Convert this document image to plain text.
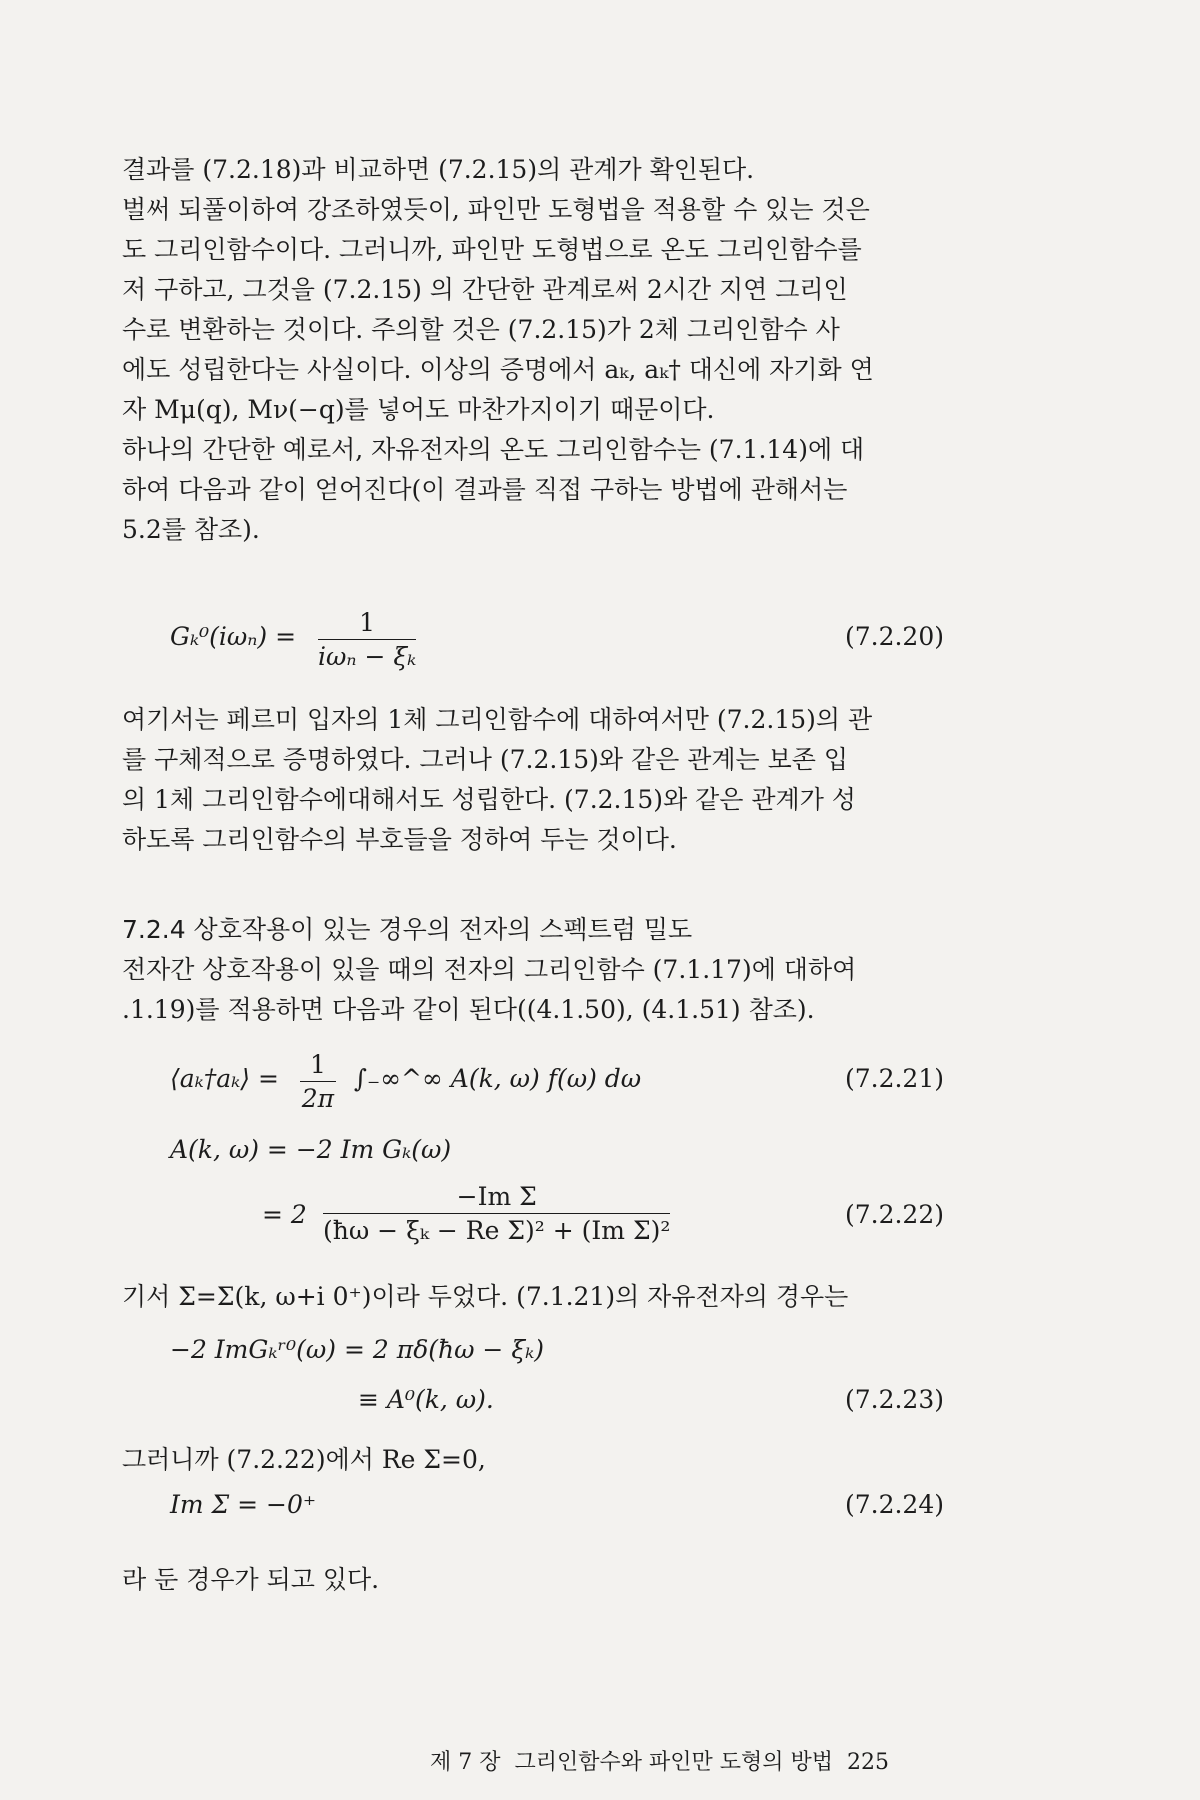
결과를 (7.2.18)과 비교하면 (7.2.15)의 관계가 확인된다.
벌써 되풀이하여 강조하였듯이, 파인만 도형법을 적용할 수 있는 것은
도 그리인함수이다. 그러니까, 파인만 도형법으로 온도 그리인함수를
저 구하고, 그것을 (7.2.15) 의 간단한 관계로써 2시간 지연 그리인
수로 변환하는 것이다. 주의할 것은 (7.2.15)가 2체 그리인함수 사
에도 성립한다는 사실이다. 이상의 증명에서 aₖ, aₖ† 대신에 자기화 연
자 Mμ(q), Mν(−q)를 넣어도 마찬가지이기 때문이다.
하나의 간단한 예로서, 자유전자의 온도 그리인함수는 (7.1.14)에 대
하여 다음과 같이 얻어진다(이 결과를 직접 구하는 방법에 관해서는
5.2를 참조).
Gₖ⁰(iωₙ) =	1
iωₙ − ξₖ
(7.2.20)
여기서는 페르미 입자의 1체 그리인함수에 대하여서만 (7.2.15)의 관
를 구체적으로 증명하였다. 그러나 (7.2.15)와 같은 관계는 보존 입
의 1체 그리인함수에대해서도 성립한다. (7.2.15)와 같은 관계가 성
하도록 그리인함수의 부호들을 정하여 두는 것이다.
7.2.4 상호작용이 있는 경우의 전자의 스펙트럼 밀도
전자간 상호작용이 있을 때의 전자의 그리인함수 (7.1.17)에 대하여
.1.19)를 적용하면 다음과 같이 된다((4.1.50), (4.1.51) 참조).
⟨aₖ†aₖ⟩ = $\frac{1}{2\pi}$ ∫₋∞^∞ A(k, ω) f(ω) dω	(7.2.21)
A(k, ω) = −2 Im Gₖ(ω)
= $2 \frac{\text{−Im Σ}}{\text{(ħω − ξₖ − Re Σ)² + (Im Σ)²}}$	(7.2.22)
기서 Σ=Σ(k, ω+i 0⁺)이라 두었다. (7.1.21)의 자유전자의 경우는
−2 ImGₖʳ⁰(ω) = 2 πδ(ħω − ξₖ)
≡ A⁰(k, ω).	(7.2.23)
그러니까 (7.2.22)에서 Re Σ=0,
Im Σ = −0⁺	(7.2.24)
라 둔 경우가 되고 있다.
제 7 장  그리인함수와 파인만 도형의 방법  225
